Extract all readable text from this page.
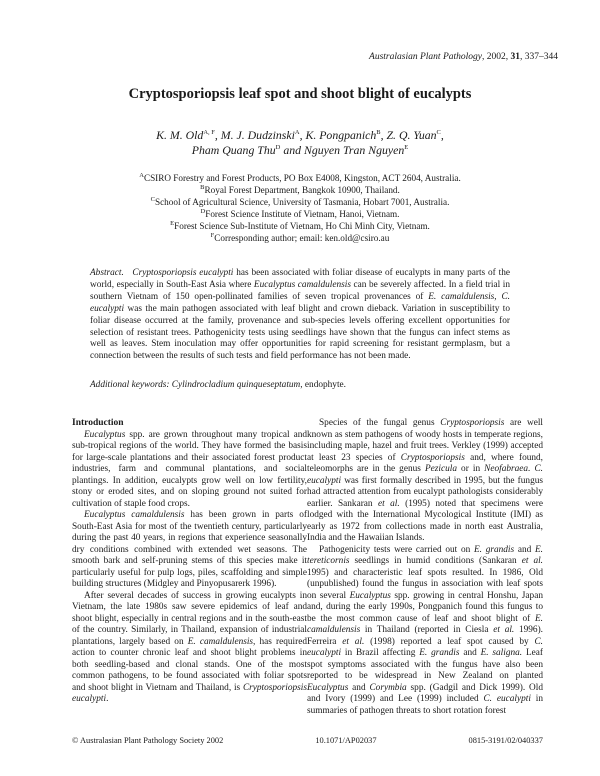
Australasian Plant Pathology, 2002, 31, 337–344
Cryptosporiopsis leaf spot and shoot blight of eucalypts
K. M. Old$^{A, F}$, M. J. Dudzinski$^A$, K. Pongpanich$^B$, Z. Q. Yuan$^C$,
Pham Quang Thu$^D$ and Nguyen Tran Nguyen$^E$
$^A$CSIRO Forestry and Forest Products, PO Box E4008, Kingston, ACT 2604, Australia.
$^B$Royal Forest Department, Bangkok 10900, Thailand.
$^C$School of Agricultural Science, University of Tasmania, Hobart 7001, Australia.
$^D$Forest Science Institute of Vietnam, Hanoi, Vietnam.
$^E$Forest Science Sub-Institute of Vietnam, Ho Chi Minh City, Vietnam.
$^F$Corresponding author; email: ken.old@csiro.au
Abstract. Cryptosporiopsis eucalypti has been associated with foliar disease of eucalypts in many parts of the world, especially in South-East Asia where Eucalyptus camaldulensis can be severely affected. In a field trial in southern Vietnam of 150 open-pollinated families of seven tropical provenances of E. camaldulensis, C. eucalypti was the main pathogen associated with leaf blight and crown dieback. Variation in susceptibility to foliar disease occurred at the family, provenance and sub-species levels offering excellent opportunities for selection of resistant trees. Pathogenicity tests using seedlings have shown that the fungus can infect stems as well as leaves. Stem inoculation may offer opportunities for rapid screening for resistant germplasm, but a connection between the results of such tests and field performance has not been made.
Additional keywords: Cylindrocladium quinqueseptatum, endophyte.
Introduction

Eucalyptus spp. are grown throughout many tropical and sub-tropical regions of the world. They have formed the basis for large-scale plantations and their associated forest product industries, farm and communal plantations, and social plantings. In addition, eucalypts grow well on low fertility, stony or eroded sites, and on sloping ground not suited for cultivation of staple food crops.

Eucalyptus camaldulensis has been grown in parts of South-East Asia for most of the twentieth century, particularly during the past 40 years, in regions that experience seasonally dry conditions combined with extended wet seasons. The smooth bark and self-pruning stems of this species make it particularly useful for pulp logs, piles, scaffolding and simple building structures (Midgley and Pinyopusarerk 1996).

After several decades of success in growing eucalypts in Vietnam, the late 1980s saw severe epidemics of leaf and shoot blight, especially in central regions and in the south-east of the country. Similarly, in Thailand, expansion of industrial plantations, largely based on E. camaldulensis, has required action to counter chronic leaf and shoot blight problems in both seedling-based and clonal stands. One of the most common pathogens, to be found associated with foliar spots and shoot blight in Vietnam and Thailand, is Cryptosporiopsis eucalypti.

Species of the fungal genus Cryptosporiopsis are well known as stem pathogens of woody hosts in temperate regions, including maple, hazel and fruit trees. Verkley (1999) accepted at least 23 species of Cryptosporiopsis and, where found, teleomorphs are in the genus Pezicula or in Neofabraea. C. eucalypti was first formally described in 1995, but the fungus had attracted attention from eucalypt pathologists considerably earlier. Sankaran et al. (1995) noted that specimens were lodged with the International Mycological Institute (IMI) as early as 1972 from collections made in north east Australia, India and the Hawaiian Islands.

Pathogenicity tests were carried out on E. grandis and E. tereticornis seedlings in humid conditions (Sankaran et al. 1995) and characteristic leaf spots resulted. In 1986, Old (unpublished) found the fungus in association with leaf spots on several Eucalyptus spp. growing in central Honshu, Japan and, during the early 1990s, Pongpanich found this fungus to be the most common cause of leaf and shoot blight of E. camaldulensis in Thailand (reported in Ciesla et al. 1996). Ferreira et al. (1998) reported a leaf spot caused by C. eucalypti in Brazil affecting E. grandis and E. saligna. Leaf spot symptoms associated with the fungus have also been reported to be widespread in New Zealand on planted Eucalyptus and Corymbia spp. (Gadgil and Dick 1999). Old and Ivory (1999) and Lee (1999) included C. eucalypti in summaries of pathogen threats to short rotation forest

© Australasian Plant Pathology Society 2002	10.1071/AP02037	0815-3191/02/040337
